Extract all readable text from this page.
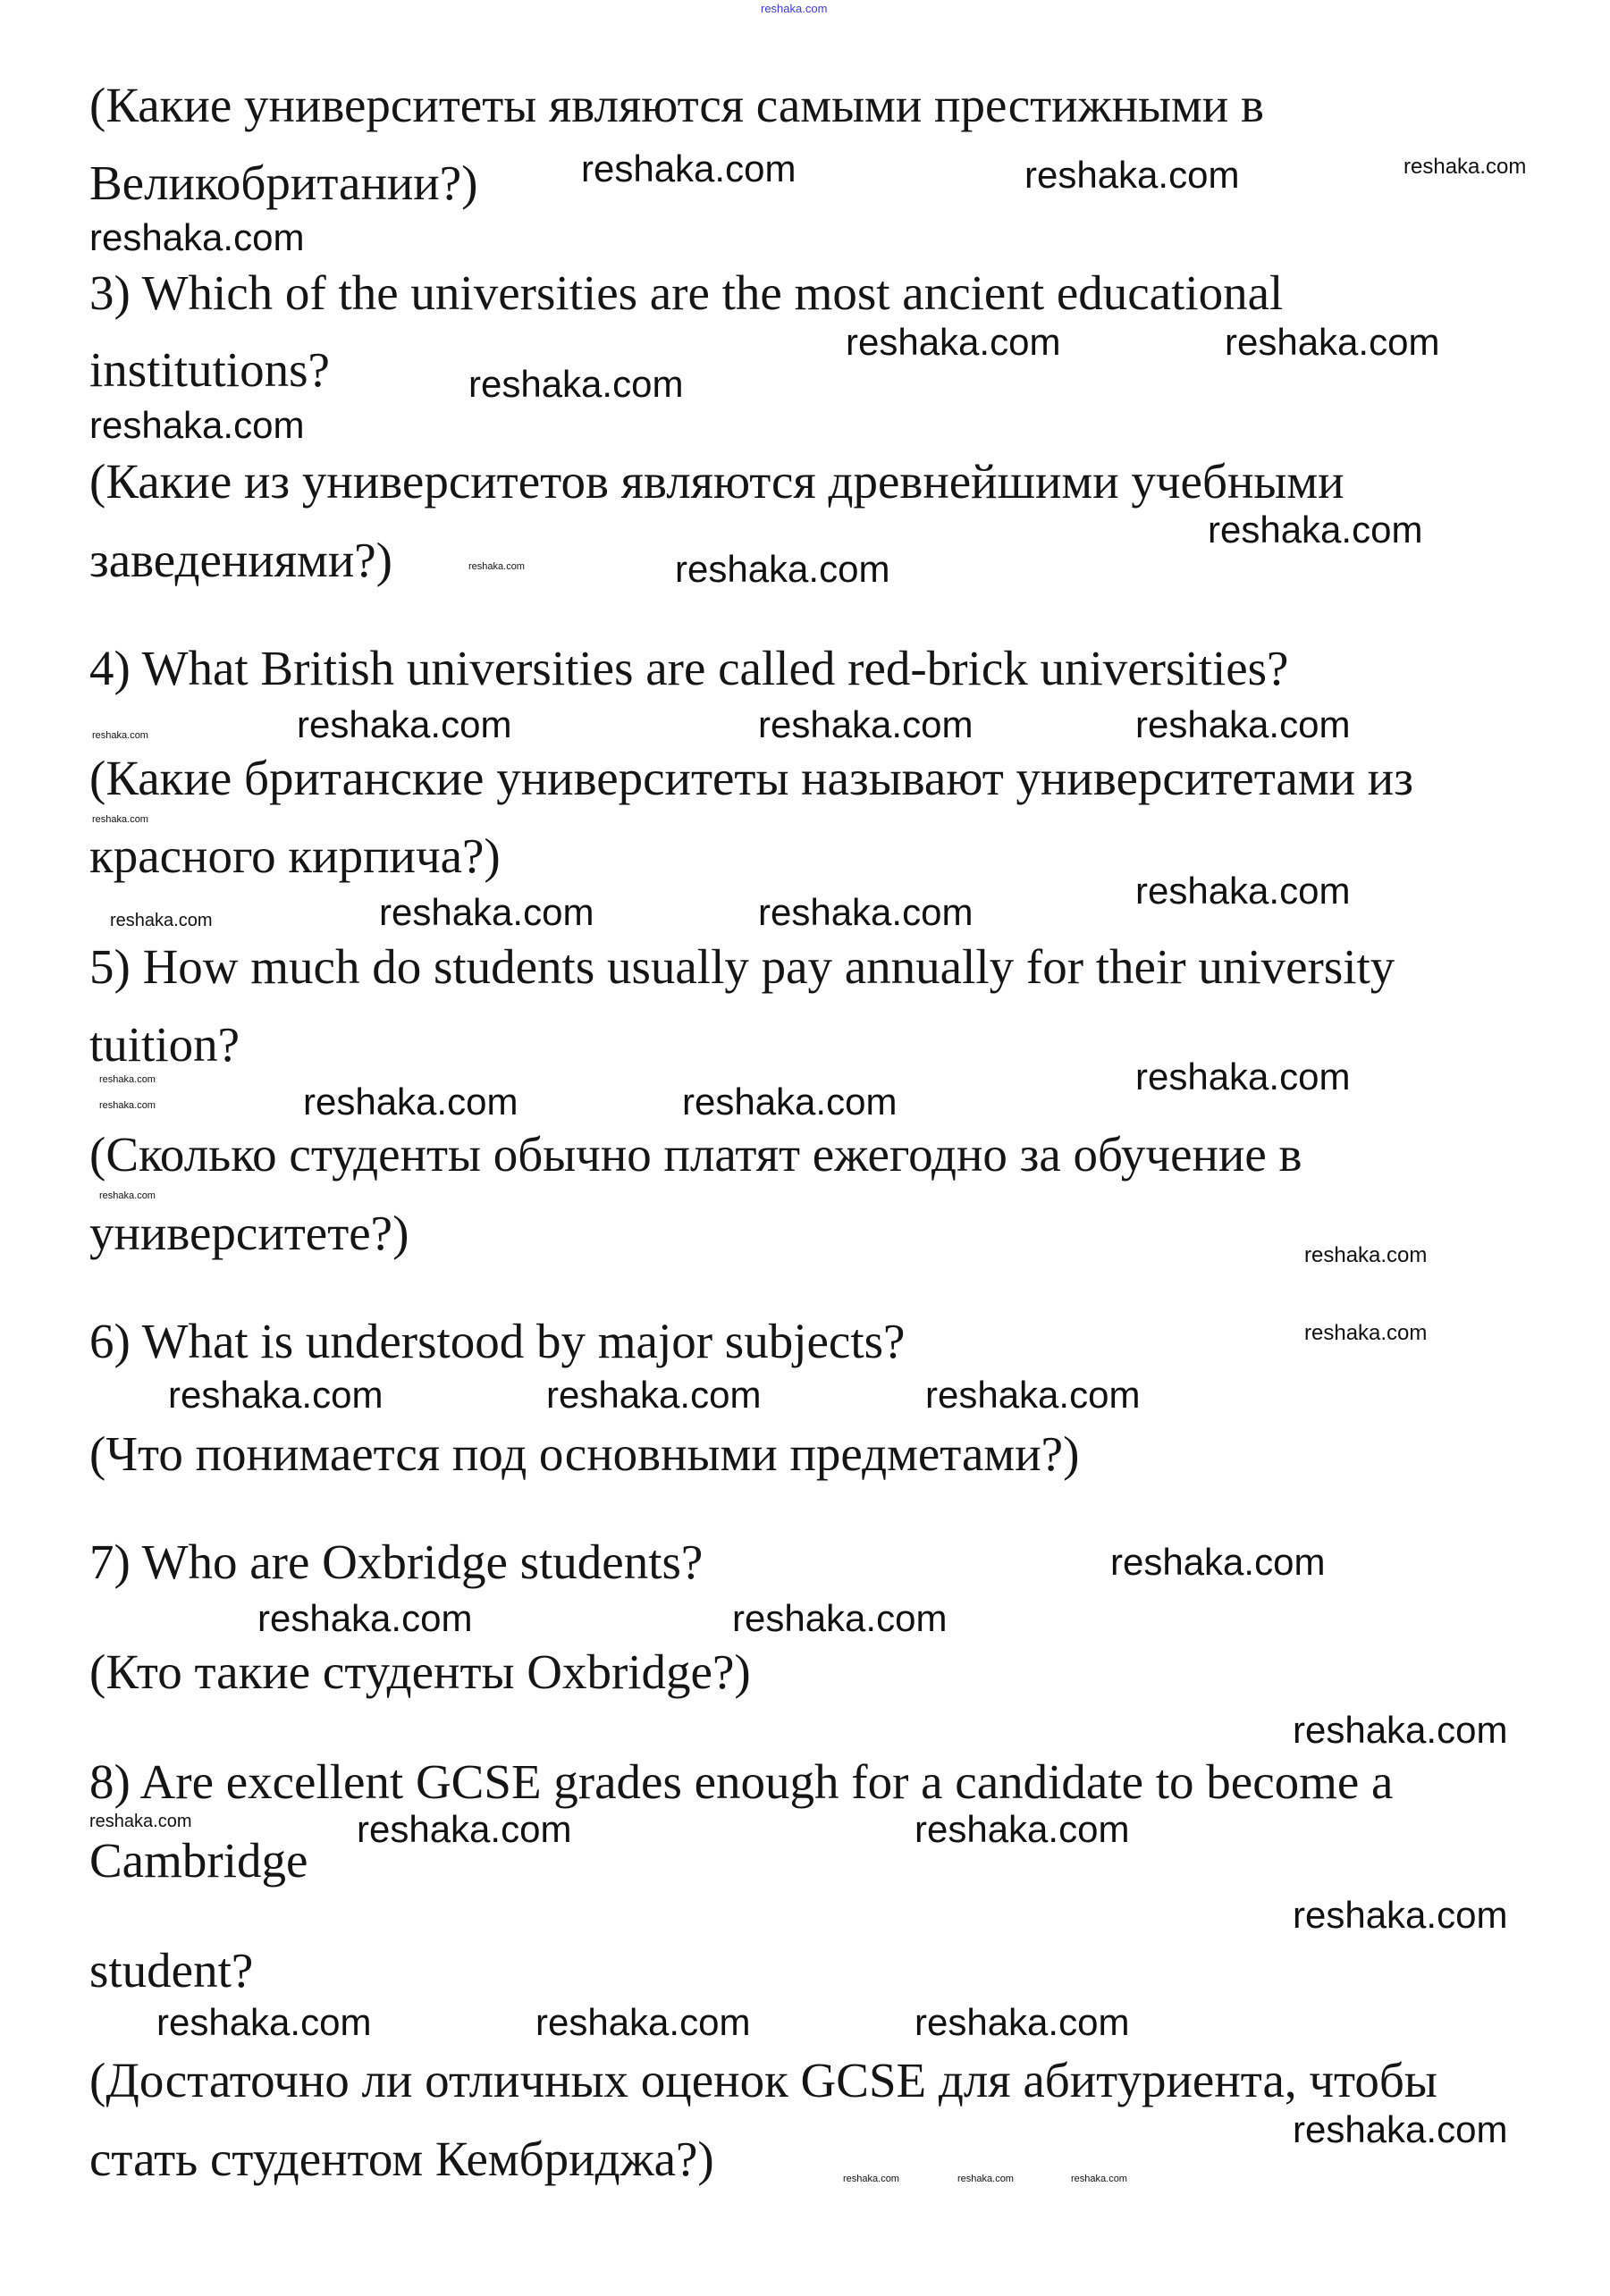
reshaka.com
(Какие университеты являются самыми престижными в
Великобритании?)
3) Which of the universities are the most ancient educational
institutions?
(Какие из университетов являются древнейшими учебными
заведениями?)
4) What British universities are called red-brick universities?
(Какие британские университеты называют университетами из
красного кирпича?)
5) How much do students usually pay annually for their university
tuition?
(Сколько студенты обычно платят ежегодно за обучение в
университете?)
6) What is understood by major subjects?
(Что понимается под основными предметами?)
7) Who are Oxbridge students?
(Кто такие студенты Oxbridge?)
8) Are excellent GCSE grades enough for a candidate to become a
Cambridge
student?
(Достаточно ли отличных оценок GCSE для абитуриента, чтобы
стать студентом Кембриджа?)
reshaka.com	reshaka.com
reshaka.com
reshaka.com	reshaka.com
reshaka.com
reshaka.com
reshaka.com
reshaka.com
reshaka.com
reshaka.com	reshaka.com
reshaka.com
reshaka.com	reshaka.com
reshaka.com
reshaka.com	reshaka.com
reshaka.com
reshaka.com
reshaka.com
reshaka.com
reshaka.com
reshaka.com
reshaka.com
reshaka.com	reshaka.com
reshaka.com
reshaka.com	reshaka.com	reshaka.com
reshaka.com
reshaka.com
reshaka.com
reshaka.com
reshaka.com
reshaka.com
reshaka.com
reshaka.com
reshaka.com
reshaka.com
reshaka.com
reshaka.com
reshaka.com	reshaka.com	reshaka.com
